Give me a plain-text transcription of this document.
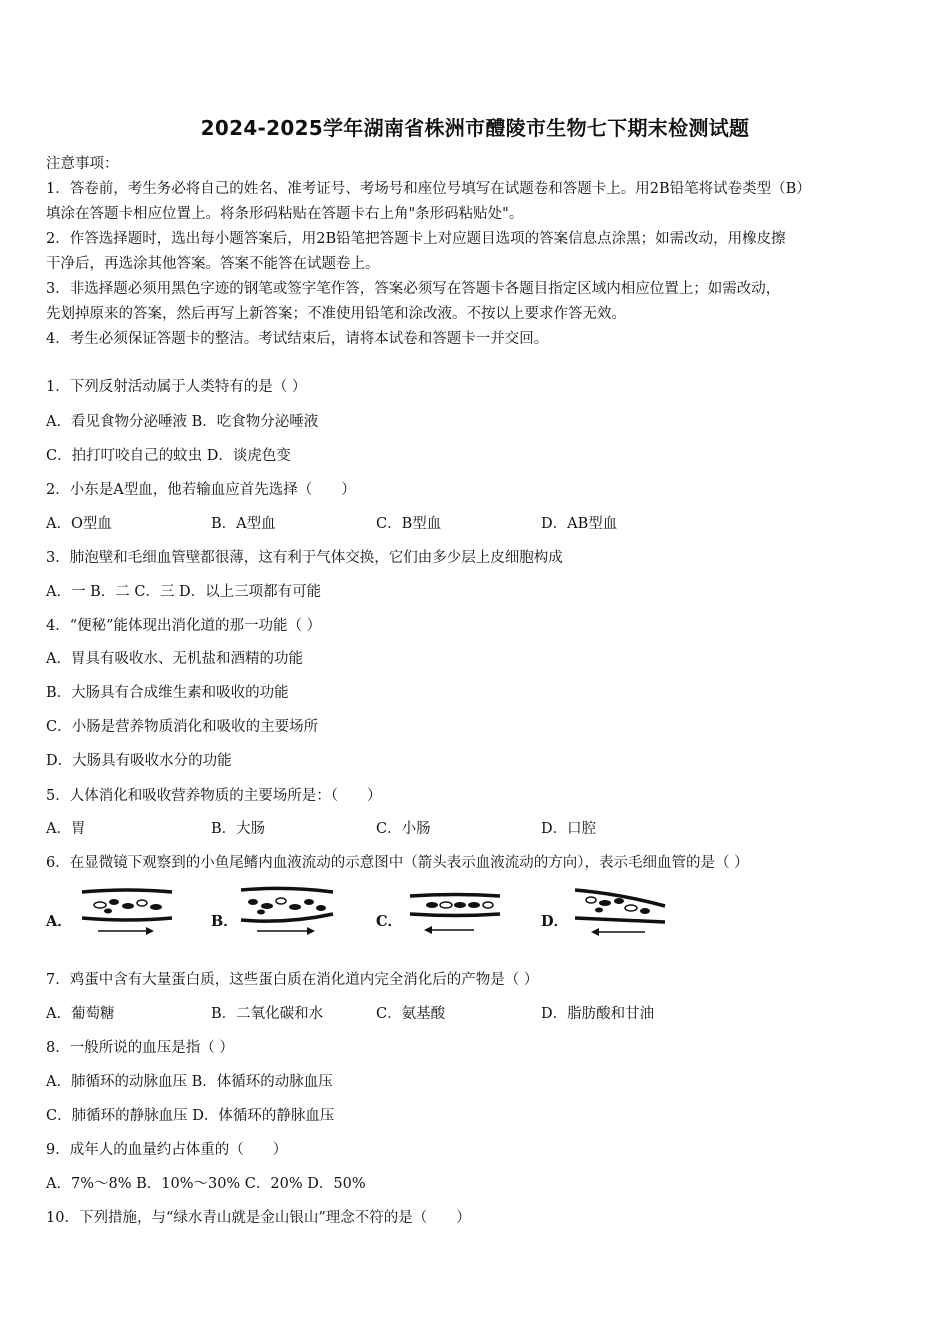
2024-2025学年湖南省株洲市醴陵市生物七下期末检测试题
注意事项：
1．答卷前，考生务必将自己的姓名、准考证号、考场号和座位号填写在试题卷和答题卡上。用2B铅笔将试卷类型（B）
填涂在答题卡相应位置上。将条形码粘贴在答题卡右上角"条形码粘贴处"。
2．作答选择题时，选出每小题答案后，用2B铅笔把答题卡上对应题目选项的答案信息点涂黑；如需改动，用橡皮擦
干净后，再选涂其他答案。答案不能答在试题卷上。
3．非选择题必须用黑色字迹的钢笔或签字笔作答，答案必须写在答题卡各题目指定区域内相应位置上；如需改动，
先划掉原来的答案，然后再写上新答案；不准使用铅笔和涂改液。不按以上要求作答无效。
4．考生必须保证答题卡的整洁。考试结束后，请将本试卷和答题卡一并交回。
1．下列反射活动属于人类特有的是（ ）
A．看见食物分泌唾液 B．吃食物分泌唾液
C．拍打叮咬自己的蚊虫 D．谈虎色变
2．小东是A型血，他若输血应首先选择（　　）
A．O型血	B．A型血	C．B型血	D．AB型血
3．肺泡壁和毛细血管壁都很薄，这有利于气体交换，它们由多少层上皮细胞构成
A．一 B．二 C．三 D．以上三项都有可能
4．“便秘”能体现出消化道的那一功能（ ）
A．胃具有吸收水、无机盐和酒精的功能
B．大肠具有合成维生素和吸收的功能
C．小肠是营养物质消化和吸收的主要场所
D．大肠具有吸收水分的功能
5．人体消化和吸收营养物质的主要场所是：（　　）
A．胃	B．大肠	C．小肠	D．口腔
6．在显微镜下观察到的小鱼尾鳍内血液流动的示意图中（箭头表示血液流动的方向），表示毛细血管的是（ ）
A．	B．	C．	D．
7．鸡蛋中含有大量蛋白质，这些蛋白质在消化道内完全消化后的产物是（ ）
A．葡萄糖	B．二氧化碳和水	C．氨基酸	D．脂肪酸和甘油
8．一般所说的血压是指（ ）
A．肺循环的动脉血压 B．体循环的动脉血压
C．肺循环的静脉血压 D．体循环的静脉血压
9．成年人的血量约占体重的（　　）
A．7%～8% B．10%～30% C．20% D．50%
10．下列措施，与“绿水青山就是金山银山”理念不符的是（　　）
